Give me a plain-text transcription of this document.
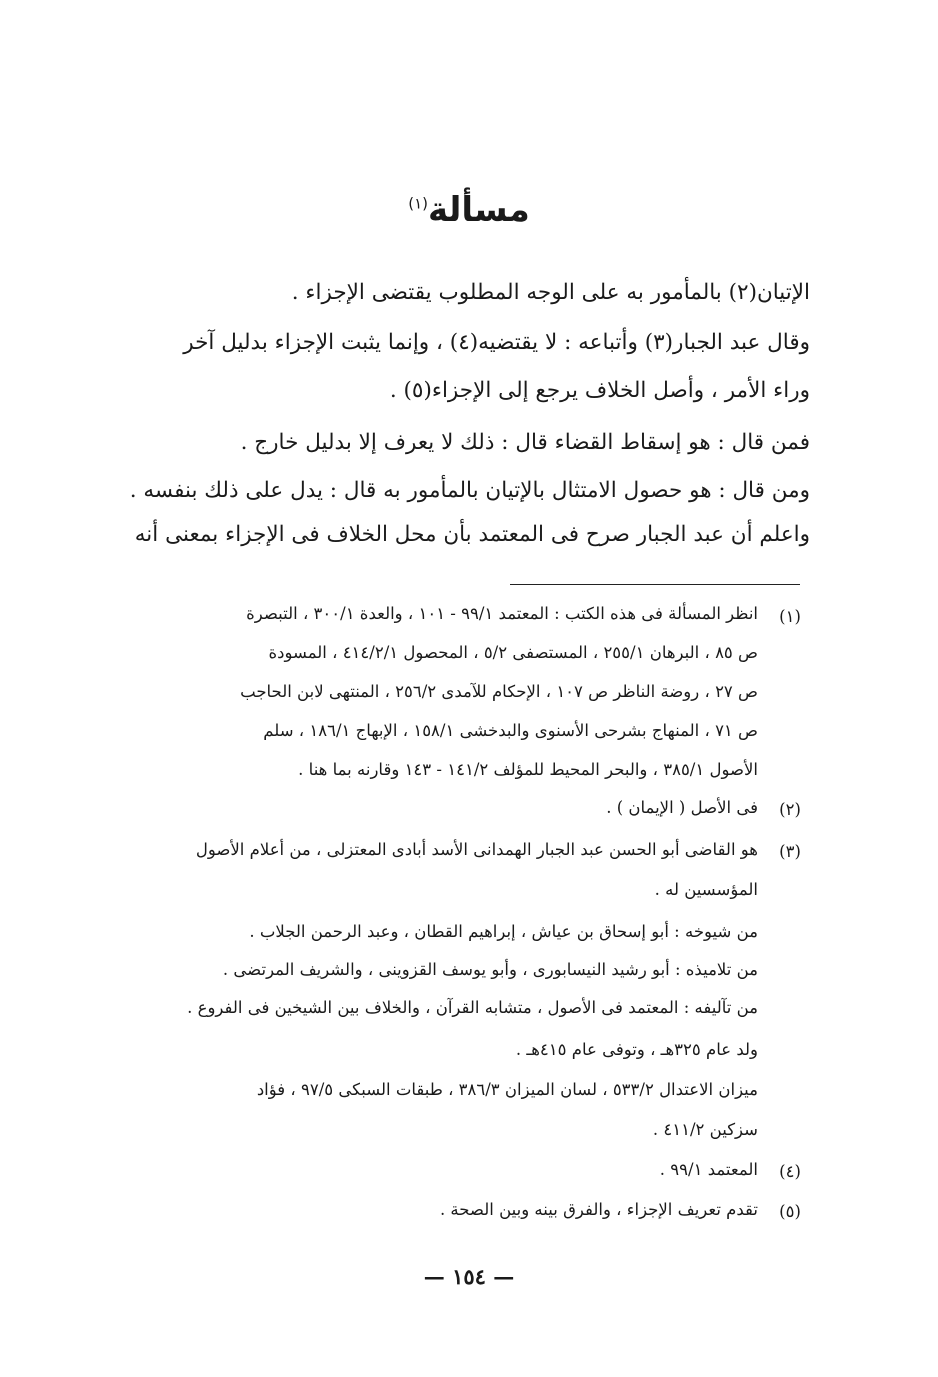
مسألة$^{(١)}$
الإتيان(٢) بالمأمور به على الوجه المطلوب يقتضى الإجزاء .
وقال عبد الجبار(٣) وأتباعه : لا يقتضيه(٤) ، وإنما يثبت الإجزاء بدليل آخر
وراء الأمر ، وأصل الخلاف يرجع إلى الإجزاء(٥) .
فمن قال : هو إسقاط القضاء قال : ذلك لا يعرف إلا بدليل خارج .
ومن قال : هو حصول الامتثال بالإتيان بالمأمور به قال : يدل على ذلك بنفسه .
واعلم أن عبد الجبار صرح فى المعتمد بأن محل الخلاف فى الإجزاء بمعنى أنه
(١)
انظر المسألة فى هذه الكتب : المعتمد ٩٩/١ - ١٠١ ، والعدة ٣٠٠/١ ، التبصرة
ص ٨٥ ، البرهان ٢٥٥/١ ، المستصفى ٥/٢ ، المحصول ٤١٤/٢/١ ، المسودة
ص ٢٧ ، روضة الناظر ص ١٠٧ ، الإحكام للآمدى ٢٥٦/٢ ، المنتهى لابن الحاجب
ص ٧١ ، المنهاج بشرحى الأسنوى والبدخشى ١٥٨/١ ، الإبهاج ١٨٦/١ ، سلم
الأصول ٣٨٥/١ ، والبحر المحيط للمؤلف ١٤١/٢ - ١٤٣ وقارنه بما هنا .
(٢)
فى الأصل ( الإيمان ) .
(٣)
هو القاضى أبو الحسن عبد الجبار الهمدانى الأسد أبادى المعتزلى ، من أعلام الأصول
المؤسسين له .
من شيوخه : أبو إسحاق بن عياش ، إبراهيم القطان ، وعبد الرحمن الجلاب .
من تلاميذه : أبو رشيد النيسابورى ، وأبو يوسف القزوينى ، والشريف المرتضى .
من تآليفه : المعتمد فى الأصول ، متشابه القرآن ، والخلاف بين الشيخين فى الفروع .
ولد عام ٣٢٥هـ ، وتوفى عام ٤١٥هـ .
ميزان الاعتدال ٥٣٣/٢ ، لسان الميزان ٣٨٦/٣ ، طبقات السبكى ٩٧/٥ ، فؤاد
سزكين ٤١١/٢ .
(٤)
المعتمد ٩٩/١ .
(٥)
تقدم تعريف الإجزاء ، والفرق بينه وبين الصحة .
— ١٥٤ —
